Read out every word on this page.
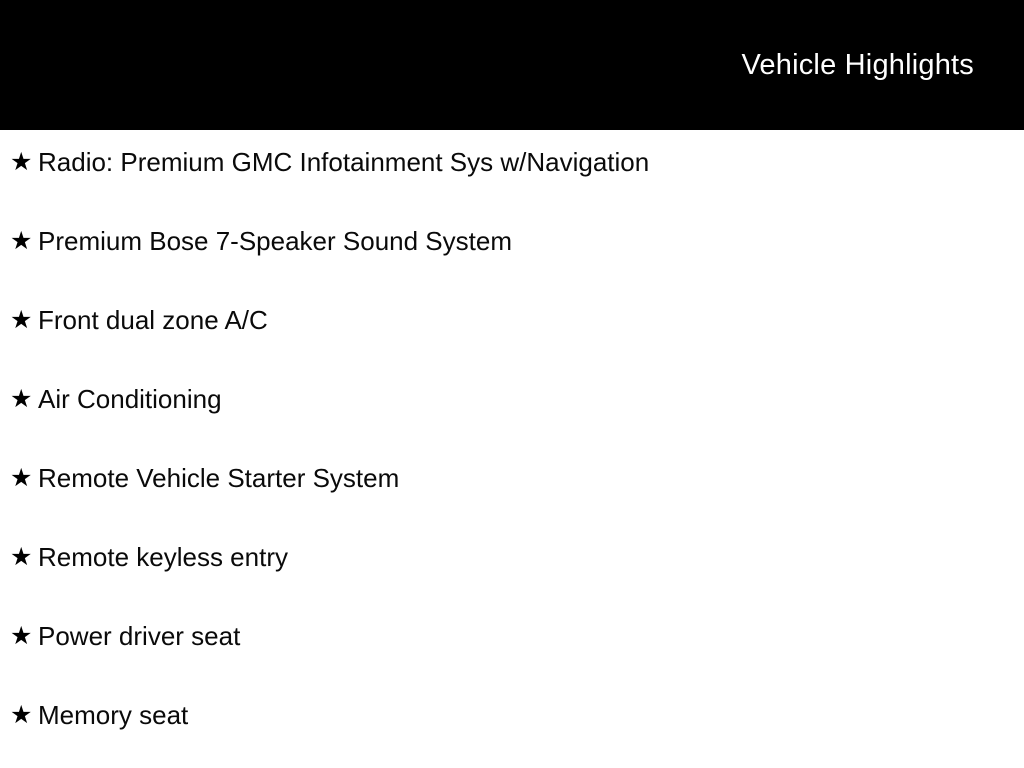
Vehicle Highlights
★ Radio: Premium GMC Infotainment Sys w/Navigation
★ Premium Bose 7-Speaker Sound System
★ Front dual zone A/C
★ Air Conditioning
★ Remote Vehicle Starter System
★ Remote keyless entry
★ Power driver seat
★ Memory seat
